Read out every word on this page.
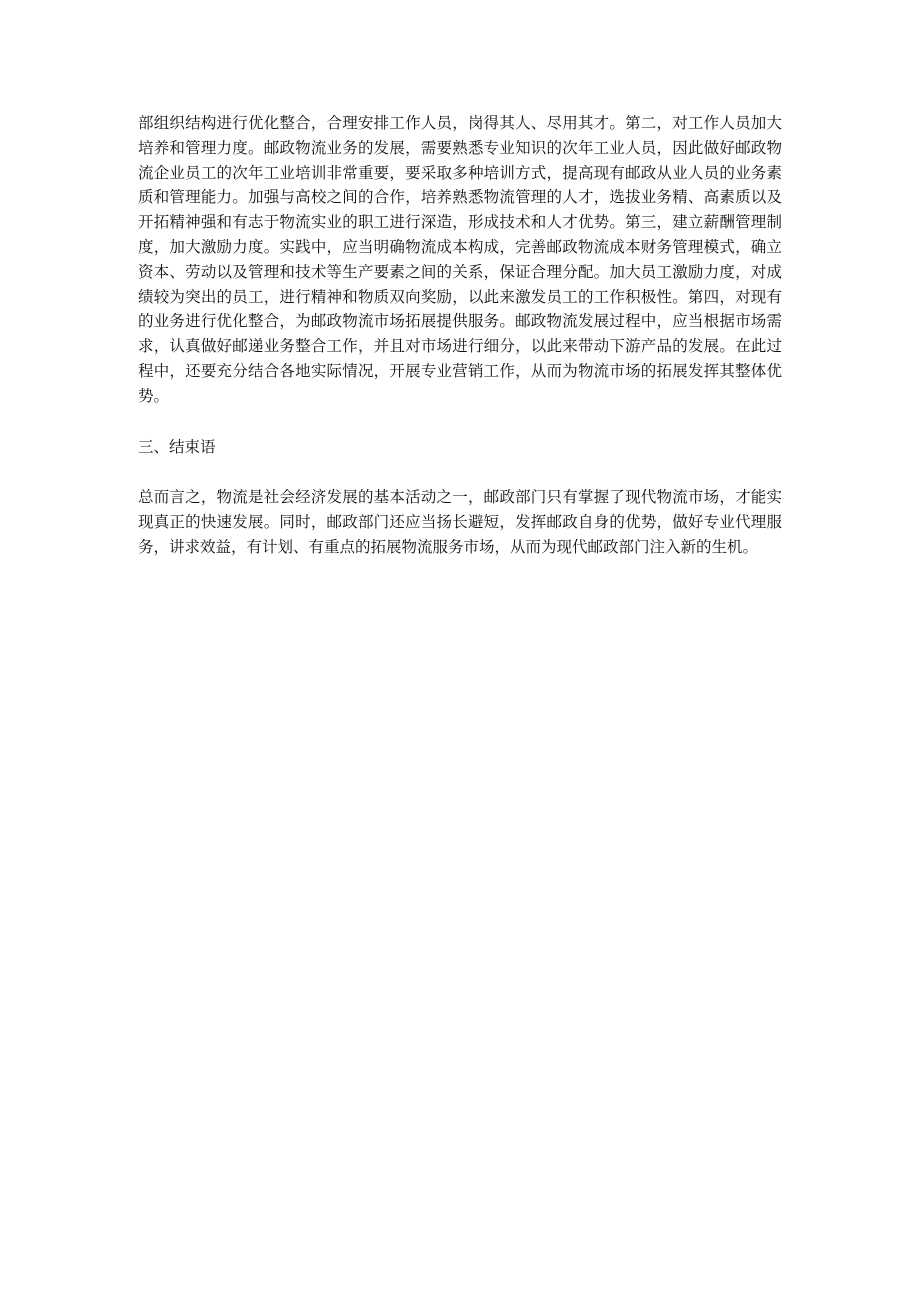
部组织结构进行优化整合，合理安排工作人员，岗得其人、尽用其才。第二，对工作人员加大培养和管理力度。邮政物流业务的发展，需要熟悉专业知识的次年工业人员，因此做好邮政物流企业员工的次年工业培训非常重要，要采取多种培训方式，提高现有邮政从业人员的业务素质和管理能力。加强与高校之间的合作，培养熟悉物流管理的人才，选拔业务精、高素质以及开拓精神强和有志于物流实业的职工进行深造，形成技术和人才优势。第三，建立薪酬管理制度，加大激励力度。实践中，应当明确物流成本构成，完善邮政物流成本财务管理模式，确立资本、劳动以及管理和技术等生产要素之间的关系，保证合理分配。加大员工激励力度，对成绩较为突出的员工，进行精神和物质双向奖励，以此来激发员工的工作积极性。第四，对现有的业务进行优化整合，为邮政物流市场拓展提供服务。邮政物流发展过程中，应当根据市场需求，认真做好邮递业务整合工作，并且对市场进行细分，以此来带动下游产品的发展。在此过程中，还要充分结合各地实际情况，开展专业营销工作，从而为物流市场的拓展发挥其整体优势。

三、结束语

总而言之，物流是社会经济发展的基本活动之一，邮政部门只有掌握了现代物流市场，才能实现真正的快速发展。同时，邮政部门还应当扬长避短，发挥邮政自身的优势，做好专业代理服务，讲求效益，有计划、有重点的拓展物流服务市场，从而为现代邮政部门注入新的生机。
